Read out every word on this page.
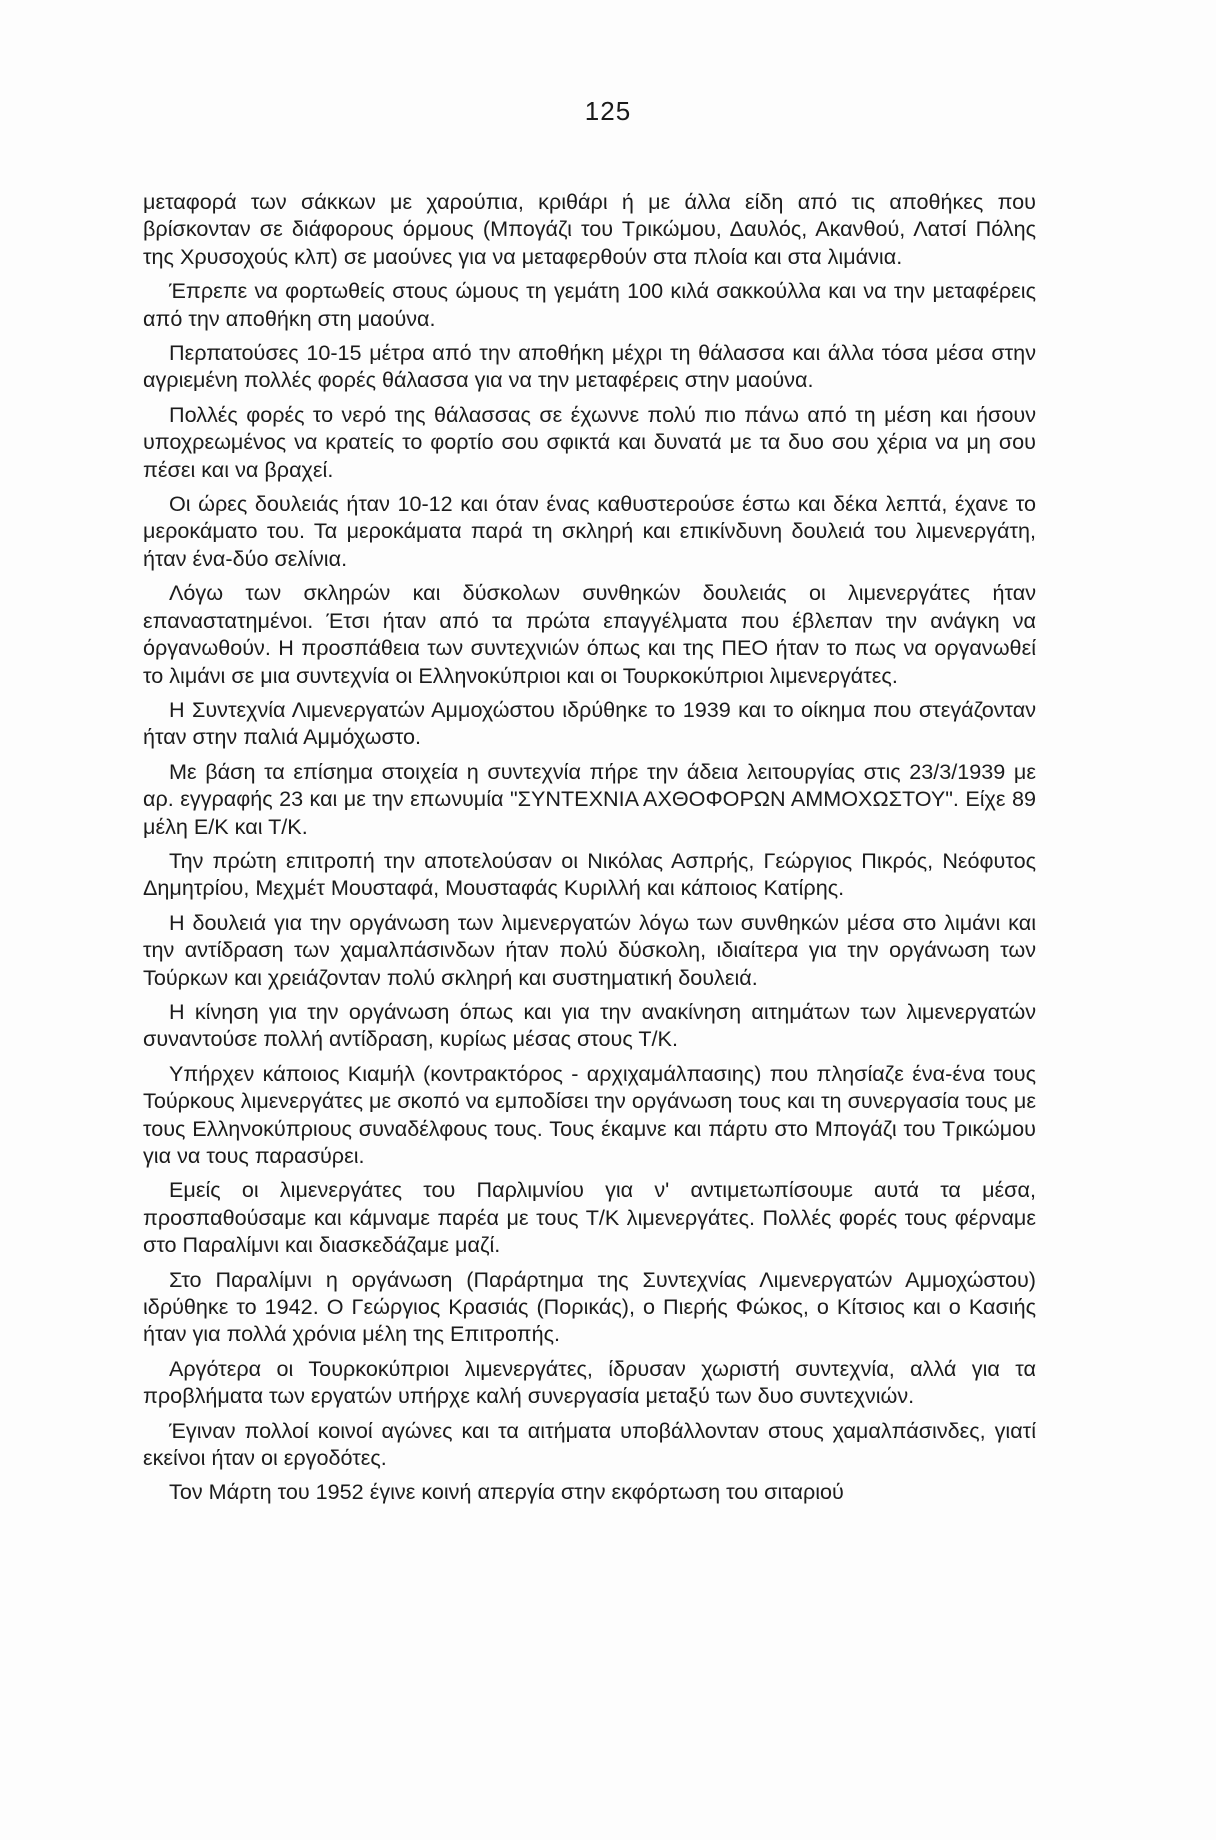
125

μεταφορά των σάκκων με χαρούπια, κριθάρι ή με άλλα είδη από τις αποθήκες που βρίσκονταν σε διάφορους όρμους (Μπογάζι του Τρικώμου, Δαυλός, Ακανθού, Λατσί Πόλης της Χρυσοχούς κλπ) σε μαούνες για να μεταφερθούν στα πλοία και στα λιμάνια.

Έπρεπε να φορτωθείς στους ώμους τη γεμάτη 100 κιλά σακκούλλα και να την μεταφέρεις από την αποθήκη στη μαούνα.

Περπατούσες 10-15 μέτρα από την αποθήκη μέχρι τη θάλασσα και άλλα τόσα μέσα στην αγριεμένη πολλές φορές θάλασσα για να την μεταφέρεις στην μαούνα.

Πολλές φορές το νερό της θάλασσας σε έχωννε πολύ πιο πάνω από τη μέση και ήσουν υποχρεωμένος να κρατείς το φορτίο σου σφικτά και δυνατά με τα δυο σου χέρια να μη σου πέσει και να βραχεί.

Οι ώρες δουλειάς ήταν 10-12 και όταν ένας καθυστερούσε έστω και δέκα λεπτά, έχανε το μεροκάματο του. Τα μεροκάματα παρά τη σκληρή και επικίνδυνη δουλειά του λιμενεργάτη, ήταν ένα-δύο σελίνια.

Λόγω των σκληρών και δύσκολων συνθηκών δουλειάς οι λιμενεργάτες ήταν επαναστατημένοι. Έτσι ήταν από τα πρώτα επαγγέλματα που έβλεπαν την ανάγκη να όργανωθούν. Η προσπάθεια των συντεχνιών όπως και της ΠΕΟ ήταν το πως να οργανωθεί το λιμάνι σε μια συντεχνία οι Ελληνοκύπριοι και οι Τουρκοκύπριοι λιμενεργάτες.

Η Συντεχνία Λιμενεργατών Αμμοχώστου ιδρύθηκε το 1939 και το οίκημα που στεγάζονταν ήταν στην παλιά Αμμόχωστο.

Με βάση τα επίσημα στοιχεία η συντεχνία πήρε την άδεια λειτουργίας στις 23/3/1939 με αρ. εγγραφής 23 και με την επωνυμία "ΣΥΝΤΕΧΝΙΑ ΑΧΘΟΦΟΡΩΝ ΑΜΜΟΧΩΣΤΟΥ". Είχε 89 μέλη Ε/Κ και Τ/Κ.

Την πρώτη επιτροπή την αποτελούσαν οι Νικόλας Ασπρής, Γεώργιος Πικρός, Νεόφυτος Δημητρίου, Μεχμέτ Μουσταφά, Μουσταφάς Κυριλλή και κάποιος Κατίρης.

Η δουλειά για την οργάνωση των λιμενεργατών λόγω των συνθηκών μέσα στο λιμάνι και την αντίδραση των χαμαλπάσινδων ήταν πολύ δύσκολη, ιδιαίτερα για την οργάνωση των Τούρκων και χρειάζονταν πολύ σκληρή και συστηματική δουλειά.

Η κίνηση για την οργάνωση όπως και για την ανακίνηση αιτημάτων των λιμενεργατών συναντούσε πολλή αντίδραση, κυρίως μέσας στους Τ/Κ.

Υπήρχεν κάποιος Κιαμήλ (κοντρακτόρος - αρχιχαμάλπασιης) που πλησίαζε ένα-ένα τους Τούρκους λιμενεργάτες με σκοπό να εμποδίσει την οργάνωση τους και τη συνεργασία τους με τους Ελληνοκύπριους συναδέλφους τους. Τους έκαμνε και πάρτυ στο Μπογάζι του Τρικώμου για να τους παρασύρει.

Εμείς οι λιμενεργάτες του Παρλιμνίου για ν' αντιμετωπίσουμε αυτά τα μέσα, προσπαθούσαμε και κάμναμε παρέα με τους Τ/Κ λιμενεργάτες. Πολλές φορές τους φέρναμε στο Παραλίμνι και διασκεδάζαμε μαζί.

Στο Παραλίμνι η οργάνωση (Παράρτημα της Συντεχνίας Λιμενεργατών Αμμοχώστου) ιδρύθηκε το 1942. Ο Γεώργιος Κρασιάς (Πορικάς), ο Πιερής Φώκος, ο Κίτσιος και ο Κασιής ήταν για πολλά χρόνια μέλη της Επιτροπής.

Αργότερα οι Τουρκοκύπριοι λιμενεργάτες, ίδρυσαν χωριστή συντεχνία, αλλά για τα προβλήματα των εργατών υπήρχε καλή συνεργασία μεταξύ των δυο συντεχνιών.

Έγιναν πολλοί κοινοί αγώνες και τα αιτήματα υποβάλλονταν στους χαμαλπάσινδες, γιατί εκείνοι ήταν οι εργοδότες.

Τον Μάρτη του 1952 έγινε κοινή απεργία στην εκφόρτωση του σιταριού
